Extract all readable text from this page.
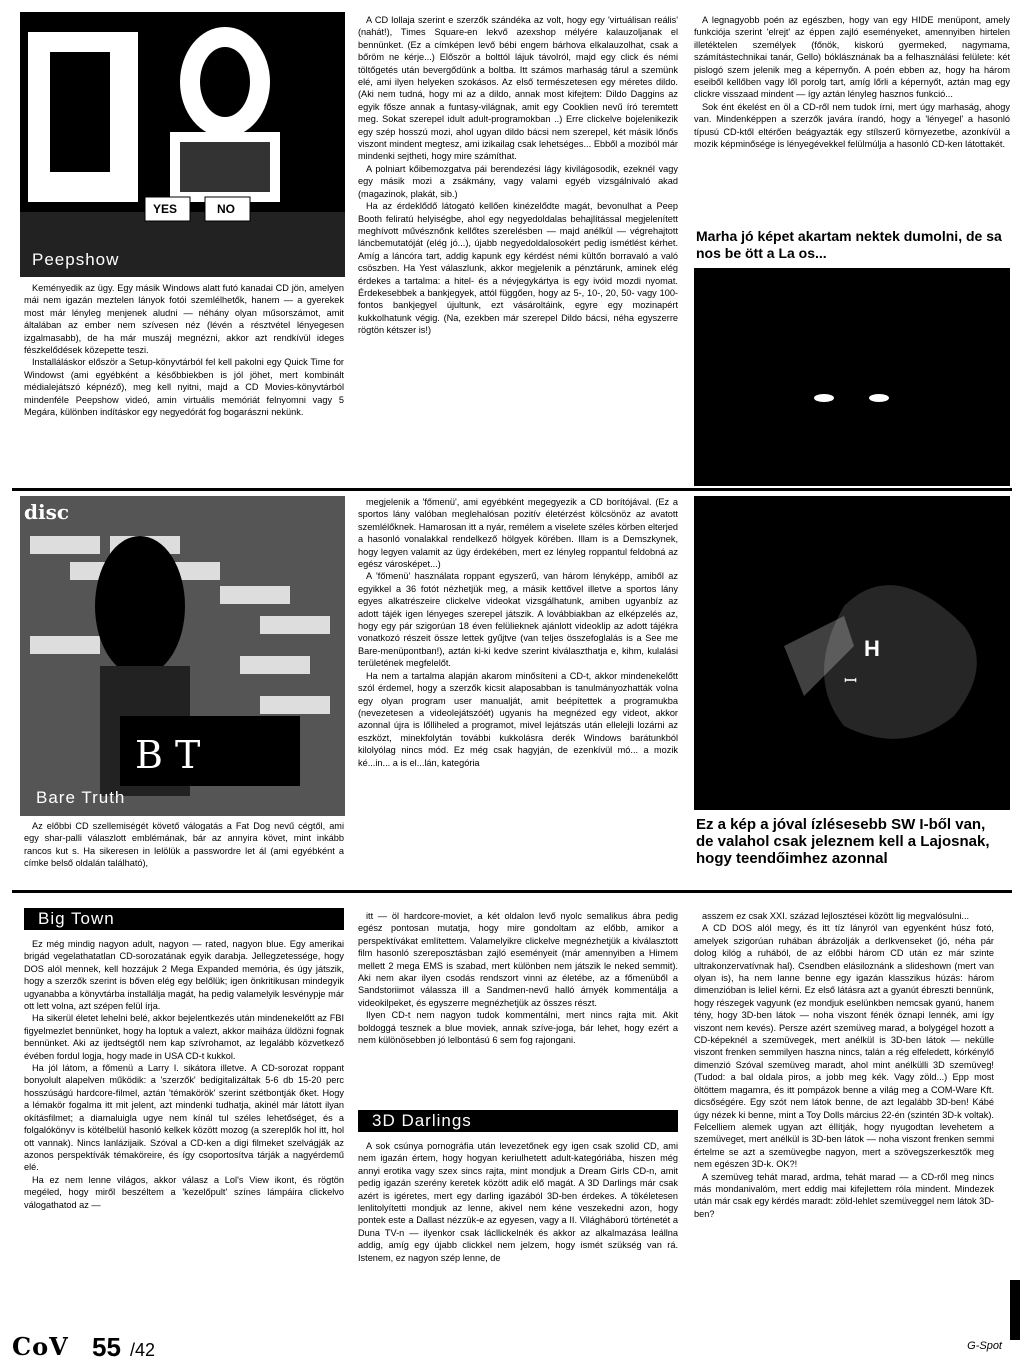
YES	NO
Peepshow

Keményedik az ügy. Egy másik Windows alatt futó kanadai CD jön, amelyen mái nem igazán meztelen lányok fotói szemlélhetők, hanem — a gyerekek most már lényleg menjenek aludni — néhány olyan műsorszámot, amit általában az ember nem szívesen néz (lévén a résztvétel lényegesen izgalmasabb), de ha már muszáj megnézni, akkor azt rendkívül ideges fészkelődések közepette teszi.

Installáláskor először a Setup-könyvtárból fel kell pakolni egy Quick Time for Windowst (ami egyébként a későbbiekben is jól jöhet, mert kombinált médialejátszó képnéző), meg kell nyitni, majd a CD Movies-könyvtárból mindenféle Peepshow videó, amin virtuális memóriát felnyomni vagy 5 Megára, különben indításkor egy negyedórát fog bogarászni nekünk.

A CD lollaja szerint e szerzők szándéka az volt, hogy egy 'virtuálisan reális' (nahát!), Times Square-en lekvő azexshop mélyére kalauzoljanak el bennünket. (Ez a címképen levő bébi engem bárhova elkalauzolhat, csak a bőröm ne kérje...) Először a bolttól lájuk távolról, majd egy click és némi töltőgetés után bevergődünk a boltba. Itt számos marhaság tárul a szemünk elé, ami ilyen helyeken szokásos. Az első természetesen egy méretes dildo. (Aki nem tudná, hogy mi az a dildo, annak most kifejtem: Dildo Daggins az egyik fősze annak a funtasy-világnak, amit egy Cooklien nevű író teremtett meg. Sokat szerepel idult adult-programokban ..) Erre clickelve bojelenikezik egy szép hosszú mozi, ahol ugyan dildo bácsi nem szerepel, két másik lőnős viszont mindent megtesz, ami izikailag csak lehetséges... Ebből a moziból már mindenki sejtheti, hogy mire számíthat.

A polniart kőibemozgatva pái berendezési lágy kivilágosodik, ezeknél vagy egy másik mozi a zsákmány, vagy valami egyéb vizsgálnivaló akad (magazinok, plakát, sib.)

Ha az érdeklődő látogató kellően kinézelődte magát, bevonulhat a Peep Booth feliratú helyiségbe, ahol egy negyedoldalas behajlítással megjelenített meghívott művésznőnk kellőtes szerelésben — majd anélkül — végrehajtott láncbemutatóját (elég jó...), újabb negyedoldalosokért pedig ismétlést kérhet. Amíg a láncóra tart, addig kapunk egy kérdést némi kültőn borravaló a való csöszben. Ha Yest válaszlunk, akkor megjelenik a pénztárunk, aminek elég érdekes a tartalma: a hitel- és a névjegykártya is egy ivóid mozdi nyomat. Érdekesebbek a bankjegyek, attól függően, hogy az 5-, 10-, 20, 50- vagy 100-fontos bankjegyel újultunk, ezt vásároltáink, egyre egy mozinapért kukkolhatunk végig. (Na, ezekben már szerepel Dildo bácsi, néha egyszerre rögtön kétszer is!)

A legnagyobb poén az egészben, hogy van egy HIDE menüpont, amely funkciója szerint 'elrejt' az éppen zajló eseményeket, amennyiben hirtelen illetéktelen személyek (főnök, kiskorú gyermeked, nagymama, számítástechnikai tanár, Gello) bóklásznának ba a felhasználási felülete: két pislogó szem jelenik meg a képernyőn. A poén ebben az, hogy ha három eseiből kellőben vagy lől porolg tart, amíg lőrli a képernyőt, aztán mag egy clickre visszaad mindent — így aztán lényleg hasznos funkció...

Sok ént ékelést en öl a CD-ről nem tudok írni, mert úgy marhaság, ahogy van. Mindenképpen a szerzők javára írandó, hogy a 'lényegel' a hasonló típusú CD-ktől eltérően beágyazták egy stílszerű környezetbe, azonkívül a mozik képminősége is lényegévekkel felülmúlja a hasonló CD-ken látottakét.

Marha jó képet akartam nektek dumolni, de sa nos be ött a La os...
B T
disc
Bare Truth

Az előbbi CD szellemiségét követő válogatás a Fat Dog nevű cégtől, ami egy shar-palli válaszlott emblémának, bár az annyira követ, mint inkább rancos kut s. Ha sikeresen in lelölük a passwordre let ál (ami egyébként a címke belső oldalán található),

megjelenik a 'főmenü', ami egyébként megegyezik a CD borítójával. (Ez a sportos lány valóban meglehalósan pozitív életérzést kölcsönöz az avatott szemlélőknek. Hamarosan itt a nyár, remélem a viselete széles körben elterjed a hasonló vonalakkal rendelkező hölgyek körében. Illam is a Demszkynek, hogy legyen valamit az ügy érdekében, mert ez lényleg roppantul feldobná az egész városképet...)

A 'főmenü' használata roppant egyszerű, van három lényképp, amiből az egyikkel a 36 fotót nézhetjük meg, a másik kettővel illetve a sportos lány egyes alkatrészeire clickelve videokat vizsgálhatunk, amiben ugyanbíz az adott tájék igen lényeges szerepel játszik. A lovábbiakban az elképzelés az, hogy egy pár szigorúan 18 éven felülieknek ajánlott videoklip az adott tájékra vonatkozó részeit össze lettek gyűjtve (van teljes összefoglalás is a See me Bare-menüpontban!), aztán ki-ki kedve szerint kiválaszthatja e, kihm, kulalási területének megfelelőt.

Ha nem a tartalma alapján akarom minősíteni a CD-t, akkor mindenekelőtt szól érdemel, hogy a szerzők kicsit alaposabban is tanulmányozhatták volna egy olyan program user manualját, amit beépítettek a programukba (nevezetesen a videolejátszóét) ugyanis ha megnézed egy videot, akkor azonnal újra is lőlliheled a programot, mivel lejátszás után ellelejli lozárni az eszközt, minekfolytán további kukkolásra derék Windows barátunkból kilolyólag nincs mód. Ez még csak hagyján, de ezenkívül mó... a mozik ké...in... a is el...lán, kategória

H
ꟷ
Ez a kép a jóval ízlésesebb SW I-ből van, de valahol csak jeleznem kell a Lajosnak, hogy teendőimhez azonnal
Big Town

Ez még mindig nagyon adult, nagyon — rated, nagyon blue. Egy amerikai brigád vegelathatatlan CD-sorozatának egyik darabja. Jellegzetessége, hogy DOS alól mennek, kell hozzájuk 2 Mega Expanded memória, és úgy játszik, hogy a szerzők szerint is bőven elég egy belőlük; igen önkritikusan mindegyik ugyanabba a könyvtárba installálja magát, ha pedig valamelyik lesvénypje már ott lett volna, azt szépen felül írja.

Ha sikerül életet lehelni belé, akkor bejelentkezés után mindenekelőtt az FBI figyelmezlet bennünket, hogy ha loptuk a valezt, akkor maiháza üldözni fognak bennünket. Aki az ijedtségtől nem kap szívrohamot, az legalább közvetkező évében fordul logja, hogy made in USA CD-t kukkol.

Ha jól látom, a főmenü a Larry I. sikátora illetve. A CD-sorozat roppant bonyolult alapelven működik: a 'szerzők' bedigitalizáltak 5-6 db 15-20 perc hosszúságú hardcore-filmel, aztán 'témakörök' szerint szétbontják őket. Hogy a lémakör fogalma itt mit jelent, azt mindenki tudhatja, akinél már látott ilyan okításfilmet; a diamaluigla ugye nem kínál tul széles lehetőséget, és a folgalókönyv is kötélbelül hasonló kelkek között mozog (a szereplők hol itt, hol ott vannak). Nincs lanlázijaik. Szóval a CD-ken a digi filmeket szelvágják az azonos perspektívák témaköreire, és így csoportosítva tárják a nagyérdemű elé.

Ha ez nem lenne világos, akkor válasz a Lol's View ikont, és rögtön megéled, hogy miről beszéltem a 'kezelőpult' színes lámpáira clickelvo válogathatod az —

itt — öl hardcore-moviet, a két oldalon levő nyolc semalikus ábra pedig egész pontosan mutatja, hogy mire gondoltam az előbb, amikor a perspektívákat említettem. Valamelyikre clickelve megnézhetjük a kiválasztott film hasonló szereposztásban zajló eseményeit (már amennyiben a Himem mellett 2 mega EMS is szabad, mert különben nem játszik le neked semmit). Aki nem akar ilyen csodás rendszort vinni az életébe, az a főmenüből a Sandstoriimot válassza ill a Sandmen-nevű halló árnyék kommentálja a videokilpeket, és egyszerre megnézhetjük az összes részt.

Ilyen CD-t nem nagyon tudok kommentálni, mert nincs rajta mit. Akit boldoggá tesznek a blue moviek, annak szíve-joga, bár lehet, hogy ezért a nem különösebben jó lelbontású 6 sem fog rajongani.

3D Darlings

A sok csúnya pornográfia után levezetőnek egy igen csak szolid CD, ami nem igazán értem, hogy hogyan keriulhetett adult-kategóriába, hiszen még annyi erotika vagy szex sincs rajta, mint mondjuk a Dream Girls CD-n, amit pedig igazán szerény keretek között adik elő magát. A 3D Darlings már csak azért is igéretes, mert egy darling igazából 3D-ben érdekes. A tökéletesen lenlitolyítetti mondjuk az lenne, akivel nem kéne veszekedni azon, hogy pontek este a Dallast nézzük-e az egyesen, vagy a II. Világháború történetét a Duna TV-n — ilyenkor csak lácllickelnék és akkor az alkalmazása leállna addig, amíg egy újabb clickkel nem jelzem, hogy ismét szükség van rá. Istenem, ez nagyon szép lenne, de

asszem ez csak XXI. század lejlosztései között lig megvalósulni...

A CD DOS alól megy, és itt tíz lányról van egyenként húsz fotó, amelyek szigorúan ruhában ábrázolják a derlkvenseket (jó, néha pár dolog kilóg a ruhából, de az előbbi három CD után ez már szinte ultrakonzervatívnak hal). Csendben elásiloznánk a slideshown (mert van olyan is), ha nem lanne benne egy igazán klasszikus húzás: három dimenzióban is leliel kérni. Ez első látásra azt a gyanút ébreszti bennünk, hogy részegek vagyunk (ez mondjuk eselünkben nemcsak gyanú, hanem tény, hogy 3D-ben látok — noha viszont fénék öznapi lennék, ami így viszont nem kevés). Persze azért szemüveg marad, a bolygégel hozott a CD-képeknél a szemüvegek, mert anélkül is 3D-ben látok — nekülle viszont frenken semmilyen haszna nincs, talán a rég elfeledett, kórkénylő dimenzió Szóval szemüveg maradt, ahol mint anélkülli 3D szemüveg! (Tudod: a bal oldala piros, a jobb meg kék. Vagy zöld...) Epp most öltöttem magamra, és itt pompázok benne a világ meg a COM-Ware Kft. dicsőségére. Egy szót nem látok benne, de azt legalább 3D-ben! Kábé úgy nézek ki benne, mint a Toy Dolls március 22-én (szintén 3D-k voltak). Felcelliem alemek ugyan azt éllítják, hogy nyugodtan levehetem a szemüveget, mert anélkül is 3D-ben látok — noha viszont frenken semmi értelme se azt a szemüvegbe nagyon, mert a szövegszerkesztők meg nem egészen 3D-k. OK?!

A szemüveg tehát marad, ardma, tehát marad — a CD-ről meg nincs más mondanivalóm, mert eddig mai kifejlettem róla mindent. Mindezek után már csak egy kérdés maradt: zöld-lehlet szemüveggel nem látok 3D-ben?

CoV 55 /42	G-Spot
